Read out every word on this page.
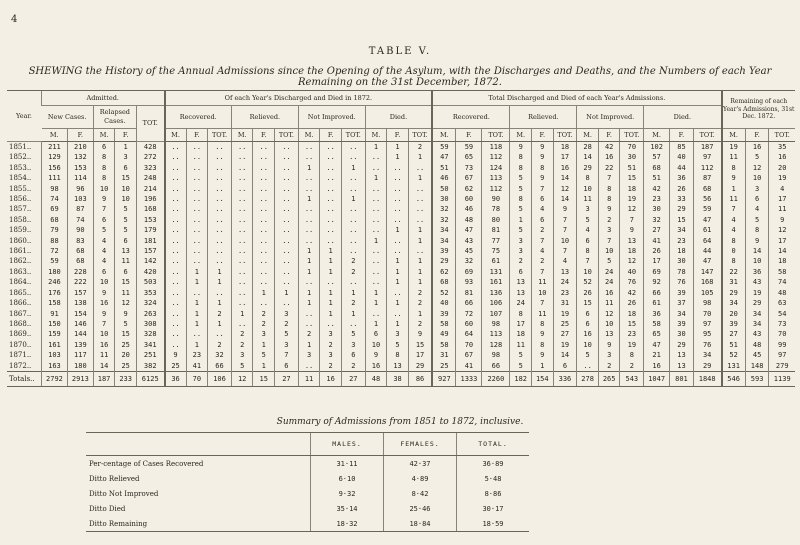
4
TABLE V.
SHEWING the History of the Annual Admissions since the Opening of the Asylum, with the Discharges and Deaths, and the Numbers of each Year Remaining on the 31st December, 1872.
Year.	Admitted.					Of each Year's Discharged and Died in 1872.												Total Discharged and Died of each Year's Admissions.												Remaining of each Year's Admissions, 31st Dec. 1872.		
	New Cases.		Relapsed Cases.		TOT.	Recovered.			Relieved.			Not Improved.			Died.			Recovered.			Relieved.			Not Improved.			Died.					
	M.	F.	M.	F.		M.	F.	TOT.	M.	F.	TOT.	M.	F.	TOT.	M.	F.	TOT.	M.	F.	TOT.	M.	F.	TOT.	M.	F.	TOT.	M.	F.	TOT.	M.	F.	TOT.
1851..	211	210	6	1	428	..	..	..	..	..	..	..	..	..	1	1	2	59	59	118	9	9	18	28	42	70	102	85	187	19	16	35
1852..	129	132	8	3	272	..	..	..	..	..	..	..	..	..	..	1	1	47	65	112	8	9	17	14	16	30	57	40	97	11	5	16
1853..	156	153	8	6	323	..	..	..	..	..	..	1	..	1	..	..	..	51	73	124	8	8	16	29	22	51	68	44	112	8	12	20
1854..	111	114	8	15	248	..	..	..	..	..	..	..	..	..	1	..	1	46	67	113	5	9	14	8	7	15	51	36	87	9	10	19
1855..	98	96	10	10	214	..	..	..	..	..	..	..	..	..	..	..	..	50	62	112	5	7	12	10	8	18	42	26	68	1	3	4
1856..	74	103	9	10	196	..	..	..	..	..	..	1	..	1	..	..	..	30	60	90	8	6	14	11	8	19	23	33	56	11	6	17
1857..	69	87	7	5	168	..	..	..	..	..	..	..	..	..	..	..	..	32	46	78	5	4	9	3	9	12	30	29	59	7	4	11
1858..	68	74	6	5	153	..	..	..	..	..	..	..	..	..	..	..	..	32	48	80	1	6	7	5	2	7	32	15	47	4	5	9
1859..	79	90	5	5	179	..	..	..	..	..	..	..	..	..	..	1	1	34	47	81	5	2	7	4	3	9	27	34	61	4	8	12
1860..	88	83	4	6	181	..	..	..	..	..	..	..	..	..	1	..	1	34	43	77	3	7	10	6	7	13	41	23	64	8	9	17
1861..	72	68	4	13	157	..	..	..	..	..	..	1	1	..	..	..	..	39	45	75	3	4	7	8	10	18	26	18	44	0	14	14
1862..	59	68	4	11	142	..	..	..	..	..	..	1	1	2	..	1	1	29	32	61	2	2	4	7	5	12	17	30	47	8	10	18
1863..	180	228	6	6	420	..	1	1	..	..	..	1	1	2	..	1	1	62	69	131	6	7	13	10	24	40	69	78	147	22	36	58
1864..	246	222	10	15	503	..	1	1	..	..	..	..	..	..	..	1	1	68	93	161	13	11	24	52	24	76	92	76	168	31	43	74
1865..	176	157	9	11	353	..	..	..	..	1	1	1	1	1	1	..	2	52	81	136	13	10	23	26	16	42	66	39	105	29	19	48
1866..	158	138	16	12	324	..	1	1	..	..	..	1	1	2	1	1	2	40	66	106	24	7	31	15	11	26	61	37	98	34	29	63
1867..	91	154	9	9	263	..	1	2	1	2	3	..	1	1	..	..	1	39	72	107	8	11	19	6	12	18	36	34	70	20	34	54
1868..	150	146	7	5	308	..	1	1	..	2	2	..	..	..	1	1	2	58	60	98	17	8	25	6	10	15	58	39	97	39	34	73
1869..	159	144	10	15	328	..	..	..	2	3	5	2	3	5	6	3	9	49	64	113	18	9	27	16	13	23	65	30	95	27	43	70
1870..	161	139	16	25	341	..	1	2	2	1	3	1	2	3	10	5	15	58	70	128	11	8	19	10	9	19	47	29	76	51	48	99
1871..	103	117	11	20	251	9	23	32	3	5	7	3	3	6	9	8	17	31	67	98	5	9	14	5	3	8	21	13	34	52	45	97
1872..	163	180	14	25	382	25	41	66	5	1	6	..	2	2	16	13	29	25	41	66	5	1	6	..	2	2	16	13	29	131	148	279
Totals..	2792	2913	187	233	6125	36	70	106	12	15	27	11	16	27	48	38	86	927	1333	2260	182	154	336	278	265	543	1047	801	1848	546	593	1139
Summary of Admissions from 1851 to 1872, inclusive.
	MALES.	FEMALES.	TOTAL.
Per-centage of Cases Recovered	31·11	42·37	36·89
Ditto Relieved	6·10	4·89	5·48
Ditto Not Improved	9·32	8·42	8·86
Ditto Died	35·14	25·46	30·17
Ditto Remaining	18·32	18·84	18·59
